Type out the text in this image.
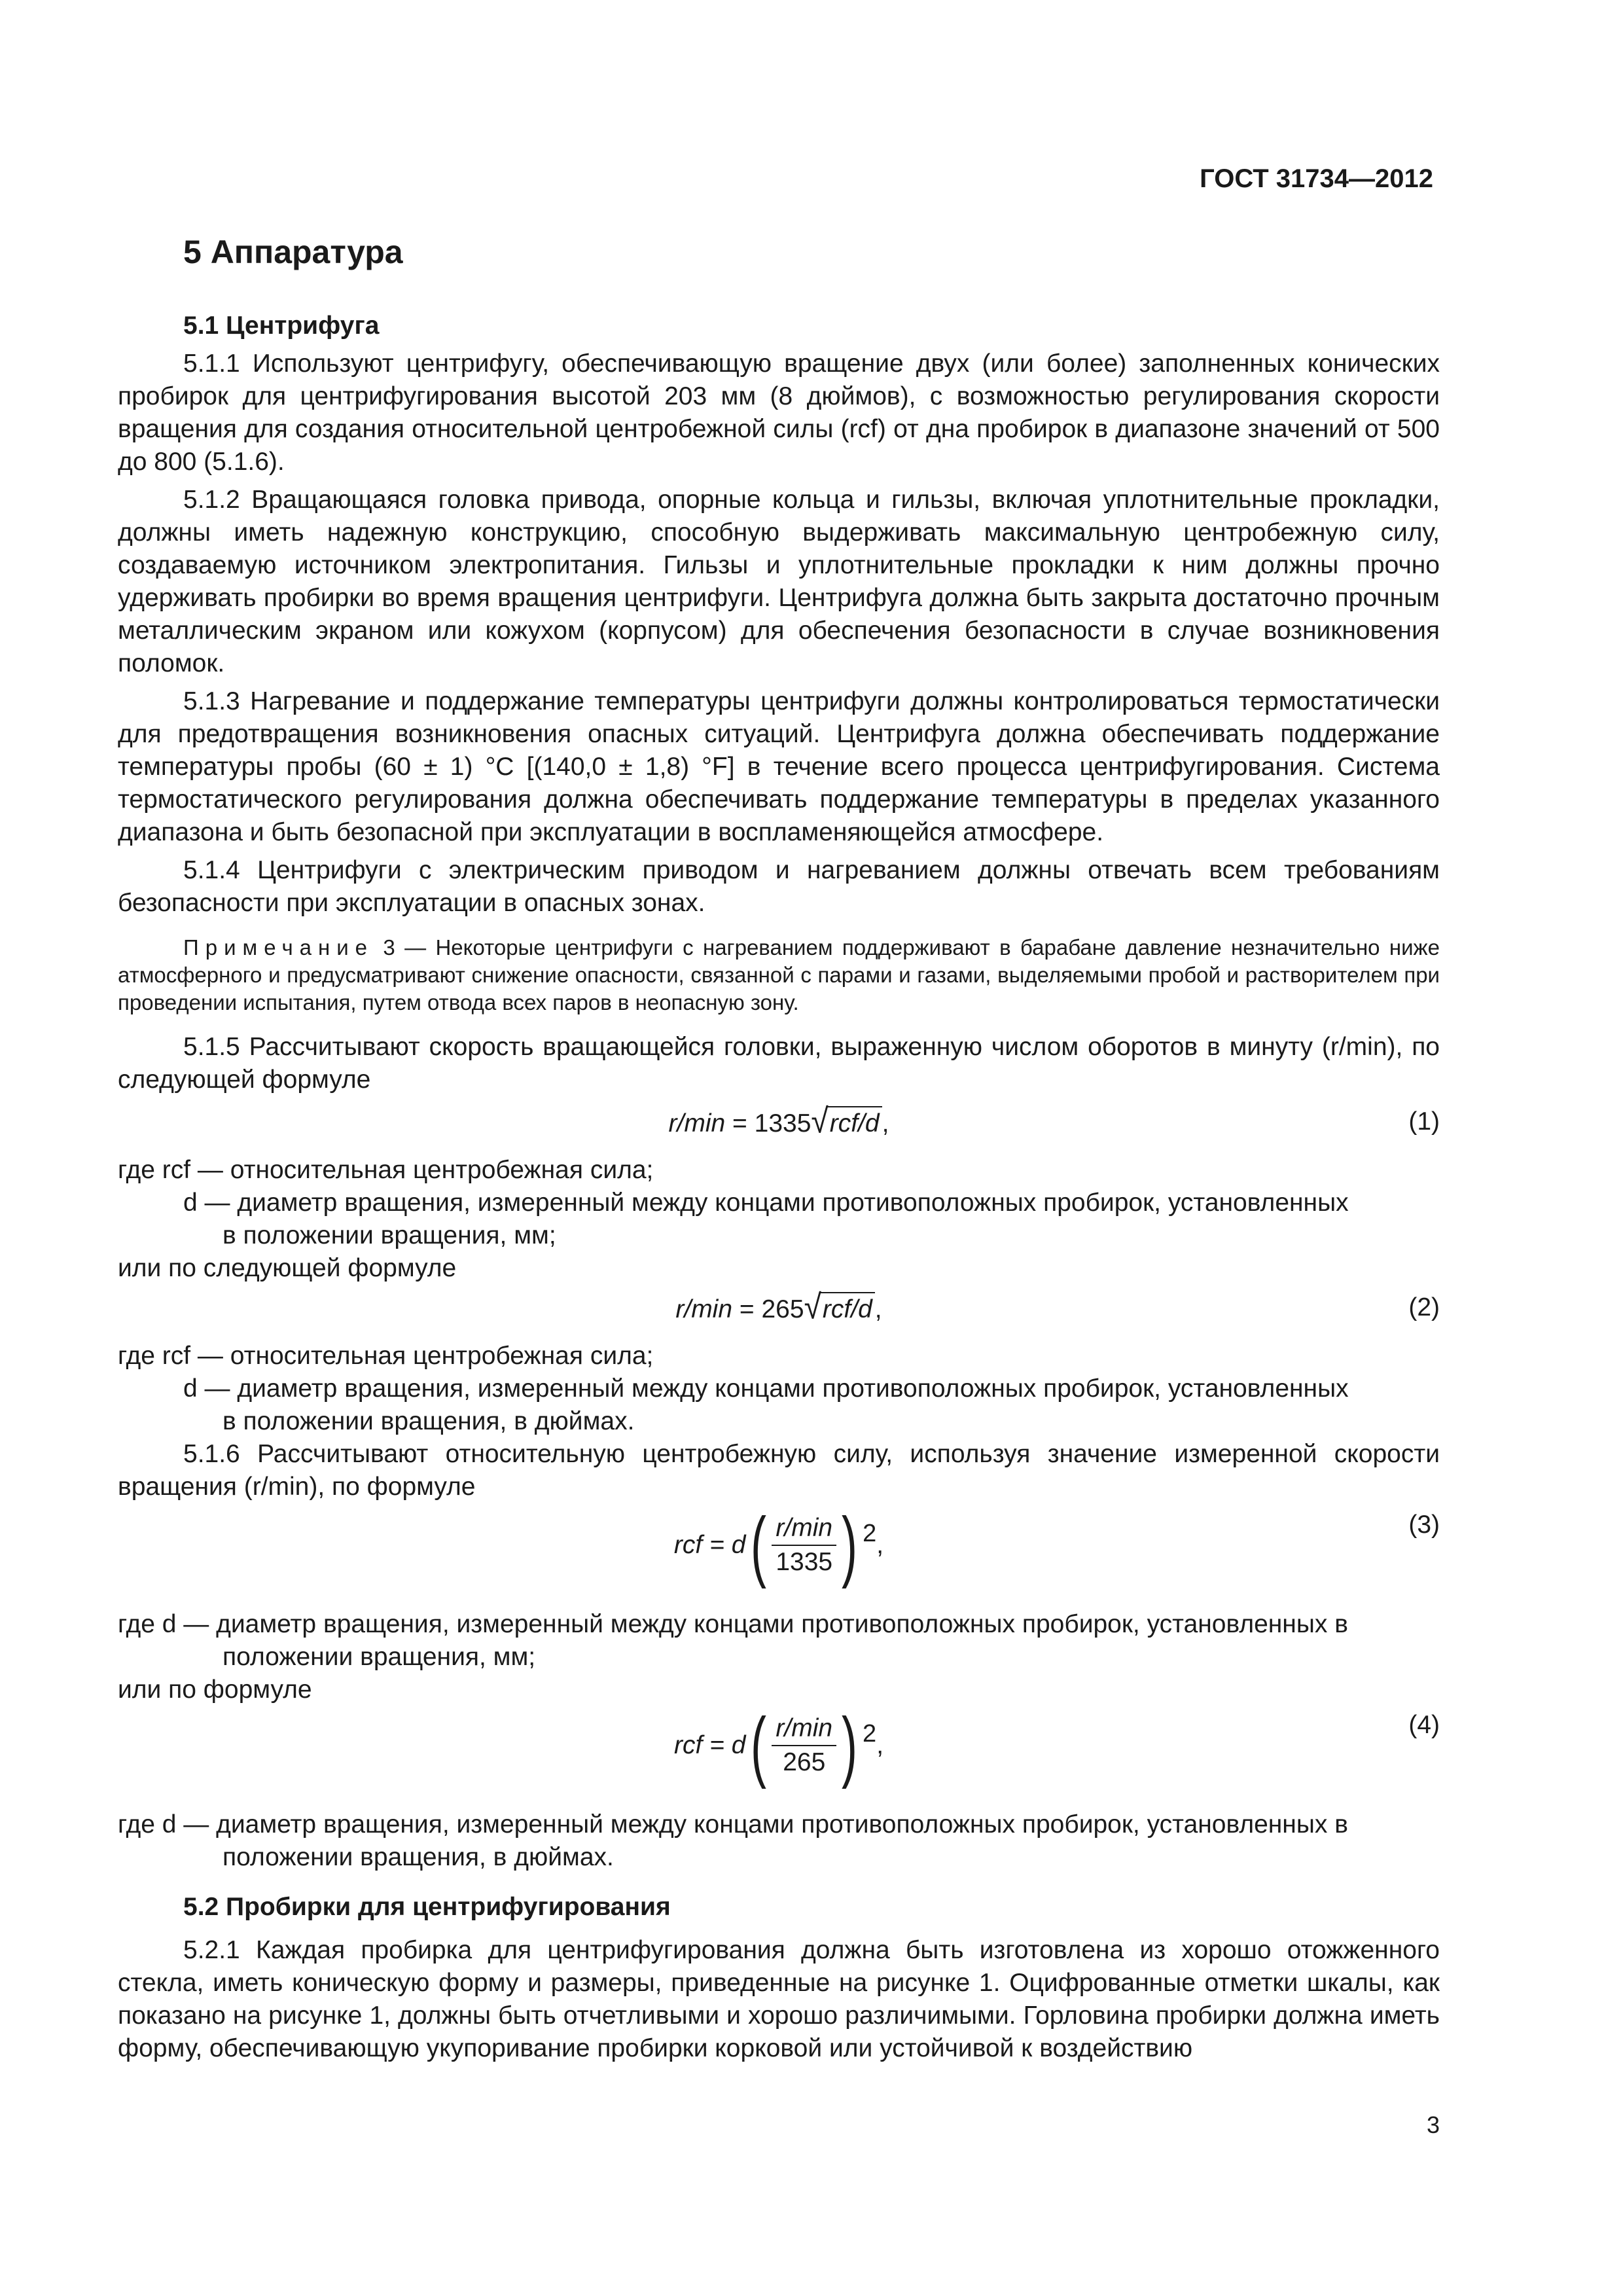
ГОСТ 31734—2012
5 Аппаратура
5.1 Центрифуга
5.1.1 Используют центрифугу, обеспечивающую вращение двух (или более) заполненных конических пробирок для центрифугирования высотой 203 мм (8 дюймов), с возможностью регулирования скорости вращения для создания относительной центробежной силы (rcf) от дна пробирок в диапазоне значений от 500 до 800 (5.1.6).
5.1.2 Вращающаяся головка привода, опорные кольца и гильзы, включая уплотнительные прокладки, должны иметь надежную конструкцию, способную выдерживать максимальную центробежную силу, создаваемую источником электропитания. Гильзы и уплотнительные прокладки к ним должны прочно удерживать пробирки во время вращения центрифуги. Центрифуга должна быть закрыта достаточно прочным металлическим экраном или кожухом (корпусом) для обеспечения безопасности в случае возникновения поломок.
5.1.3 Нагревание и поддержание температуры центрифуги должны контролироваться термостатически для предотвращения возникновения опасных ситуаций. Центрифуга должна обеспечивать поддержание температуры пробы (60 ± 1) °С [(140,0 ± 1,8) °F] в течение всего процесса центрифугирования. Система термостатического регулирования должна обеспечивать поддержание температуры в пределах указанного диапазона и быть безопасной при эксплуатации в воспламеняющейся атмосфере.
5.1.4 Центрифуги с электрическим приводом и нагреванием должны отвечать всем требованиям безопасности при эксплуатации в опасных зонах.
Примечание 3 — Некоторые центрифуги с нагреванием поддерживают в барабане давление незначительно ниже атмосферного и предусматривают снижение опасности, связанной с парами и газами, выделяемыми пробой и растворителем при проведении испытания, путем отвода всех паров в неопасную зону.
5.1.5 Рассчитывают скорость вращающейся головки, выраженную числом оборотов в минуту (r/min), по следующей формуле
r/min = 1335√rcf/d ,	(1)
где rcf — относительная центробежная сила;
d — диаметр вращения, измеренный между концами противоположных пробирок, установленных
в положении вращения, мм;
или по следующей формуле
r/min = 265√rcf/d ,	(2)
где rcf — относительная центробежная сила;
d — диаметр вращения, измеренный между концами противоположных пробирок, установленных
в положении вращения, в дюймах.
5.1.6 Рассчитывают относительную центробежную силу, используя значение измеренной скорости вращения (r/min), по формуле
rcf = d ( $\frac{r/\min}{1335}$ ) 2 ,
(3)
где d — диаметр вращения, измеренный между концами противоположных пробирок, установленных в
положении вращения, мм;
или по формуле
rcf = d ( $\frac{r/\min}{265}$ ) 2 ,
(4)
где d — диаметр вращения, измеренный между концами противоположных пробирок, установленных в
положении вращения, в дюймах.
5.2 Пробирки для центрифугирования
5.2.1 Каждая пробирка для центрифугирования должна быть изготовлена из хорошо отожженного стекла, иметь коническую форму и размеры, приведенные на рисунке 1. Оцифрованные отметки шкалы, как показано на рисунке 1, должны быть отчетливыми и хорошо различимыми. Горловина пробирки должна иметь форму, обеспечивающую укупоривание пробирки корковой или устойчивой к воздействию
3
